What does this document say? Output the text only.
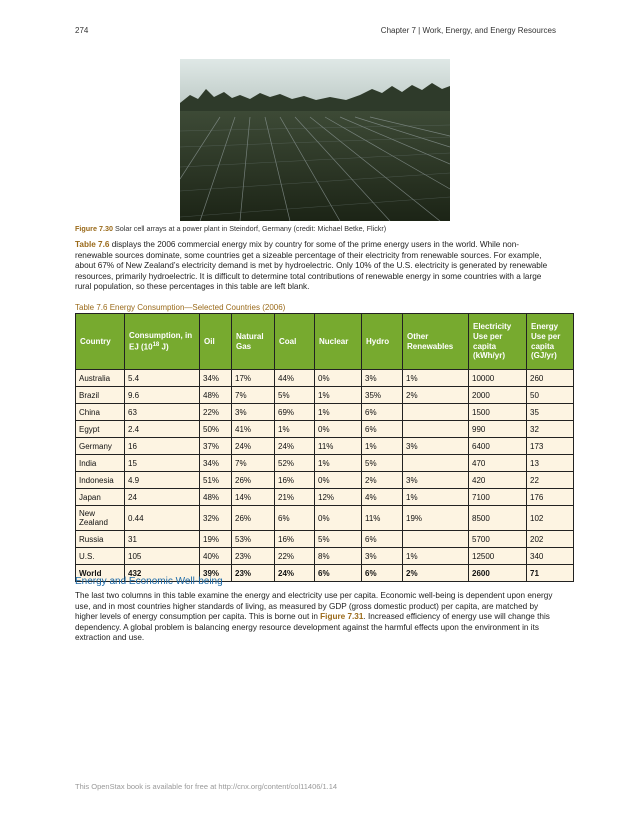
274	Chapter 7 | Work, Energy, and Energy Resources
Figure 7.30 Solar cell arrays at a power plant in Steindorf, Germany (credit: Michael Betke, Flickr)
Table 7.6 displays the 2006 commercial energy mix by country for some of the prime energy users in the world. While non-renewable sources dominate, some countries get a sizeable percentage of their electricity from renewable sources. For example, about 67% of New Zealand’s electricity demand is met by hydroelectric. Only 10% of the U.S. electricity is generated by renewable resources, primarily hydroelectric. It is difficult to determine total contributions of renewable energy in some countries with a large rural population, so these percentages in this table are left blank.
Table 7.6 Energy Consumption—Selected Countries (2006)
Country	Consumption, in EJ ($10^{18}$ J)	Oil	Natural Gas	Coal	Nuclear	Hydro	Other Renewables	Electricity Use per capita (kWh/yr)	Energy Use per capita (GJ/yr)
Australia	5.4	34%	17%	44%	0%	3%	1%	10000	260
Brazil	9.6	48%	7%	5%	1%	35%	2%	2000	50
China	63	22%	3%	69%	1%	6%		1500	35
Egypt	2.4	50%	41%	1%	0%	6%		990	32
Germany	16	37%	24%	24%	11%	1%	3%	6400	173
India	15	34%	7%	52%	1%	5%		470	13
Indonesia	4.9	51%	26%	16%	0%	2%	3%	420	22
Japan	24	48%	14%	21%	12%	4%	1%	7100	176
New Zealand	0.44	32%	26%	6%	0%	11%	19%	8500	102
Russia	31	19%	53%	16%	5%	6%		5700	202
U.S.	105	40%	23%	22%	8%	3%	1%	12500	340
World	432	39%	23%	24%	6%	6%	2%	2600	71
Energy and Economic Well-being
The last two columns in this table examine the energy and electricity use per capita. Economic well-being is dependent upon energy use, and in most countries higher standards of living, as measured by GDP (gross domestic product) per capita, are matched by higher levels of energy consumption per capita. This is borne out in Figure 7.31. Increased efficiency of energy use will change this dependency. A global problem is balancing energy resource development against the harmful effects upon the environment in its extraction and use.
This OpenStax book is available for free at http://cnx.org/content/col11406/1.14
